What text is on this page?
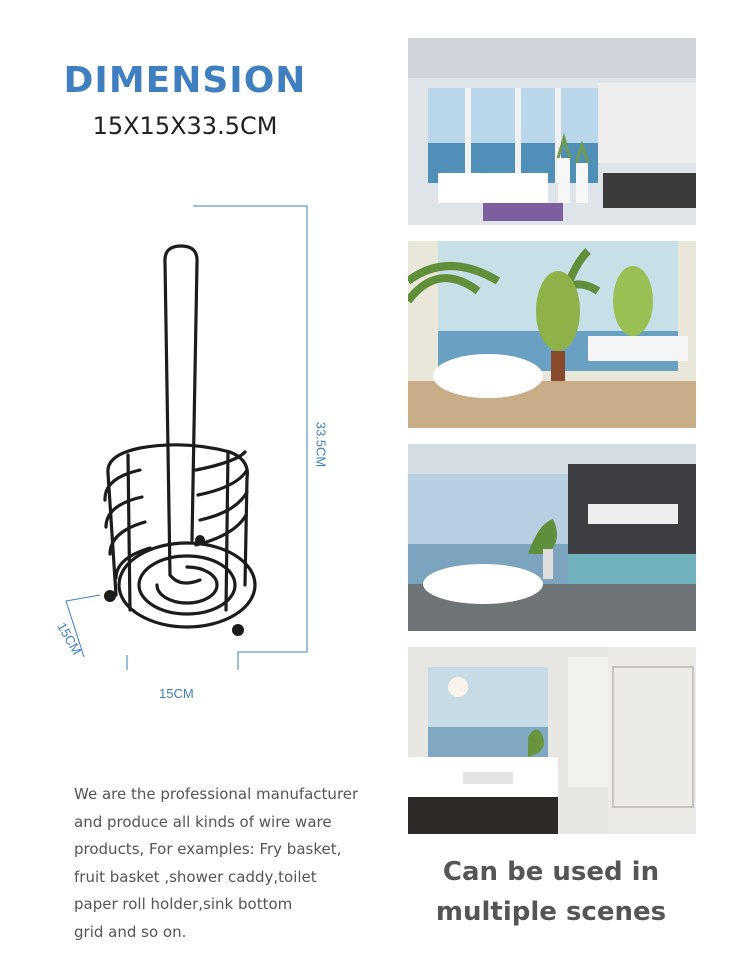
DIMENSION
15X15X33.5CM
15CM
33.5CM
15CM
We are the professional manufacturer
and produce all kinds of wire ware
products, For examples: Fry basket,
fruit basket ,shower caddy,toilet
paper roll holder,sink bottom
grid and so on.
Can be used in
multiple scenes
